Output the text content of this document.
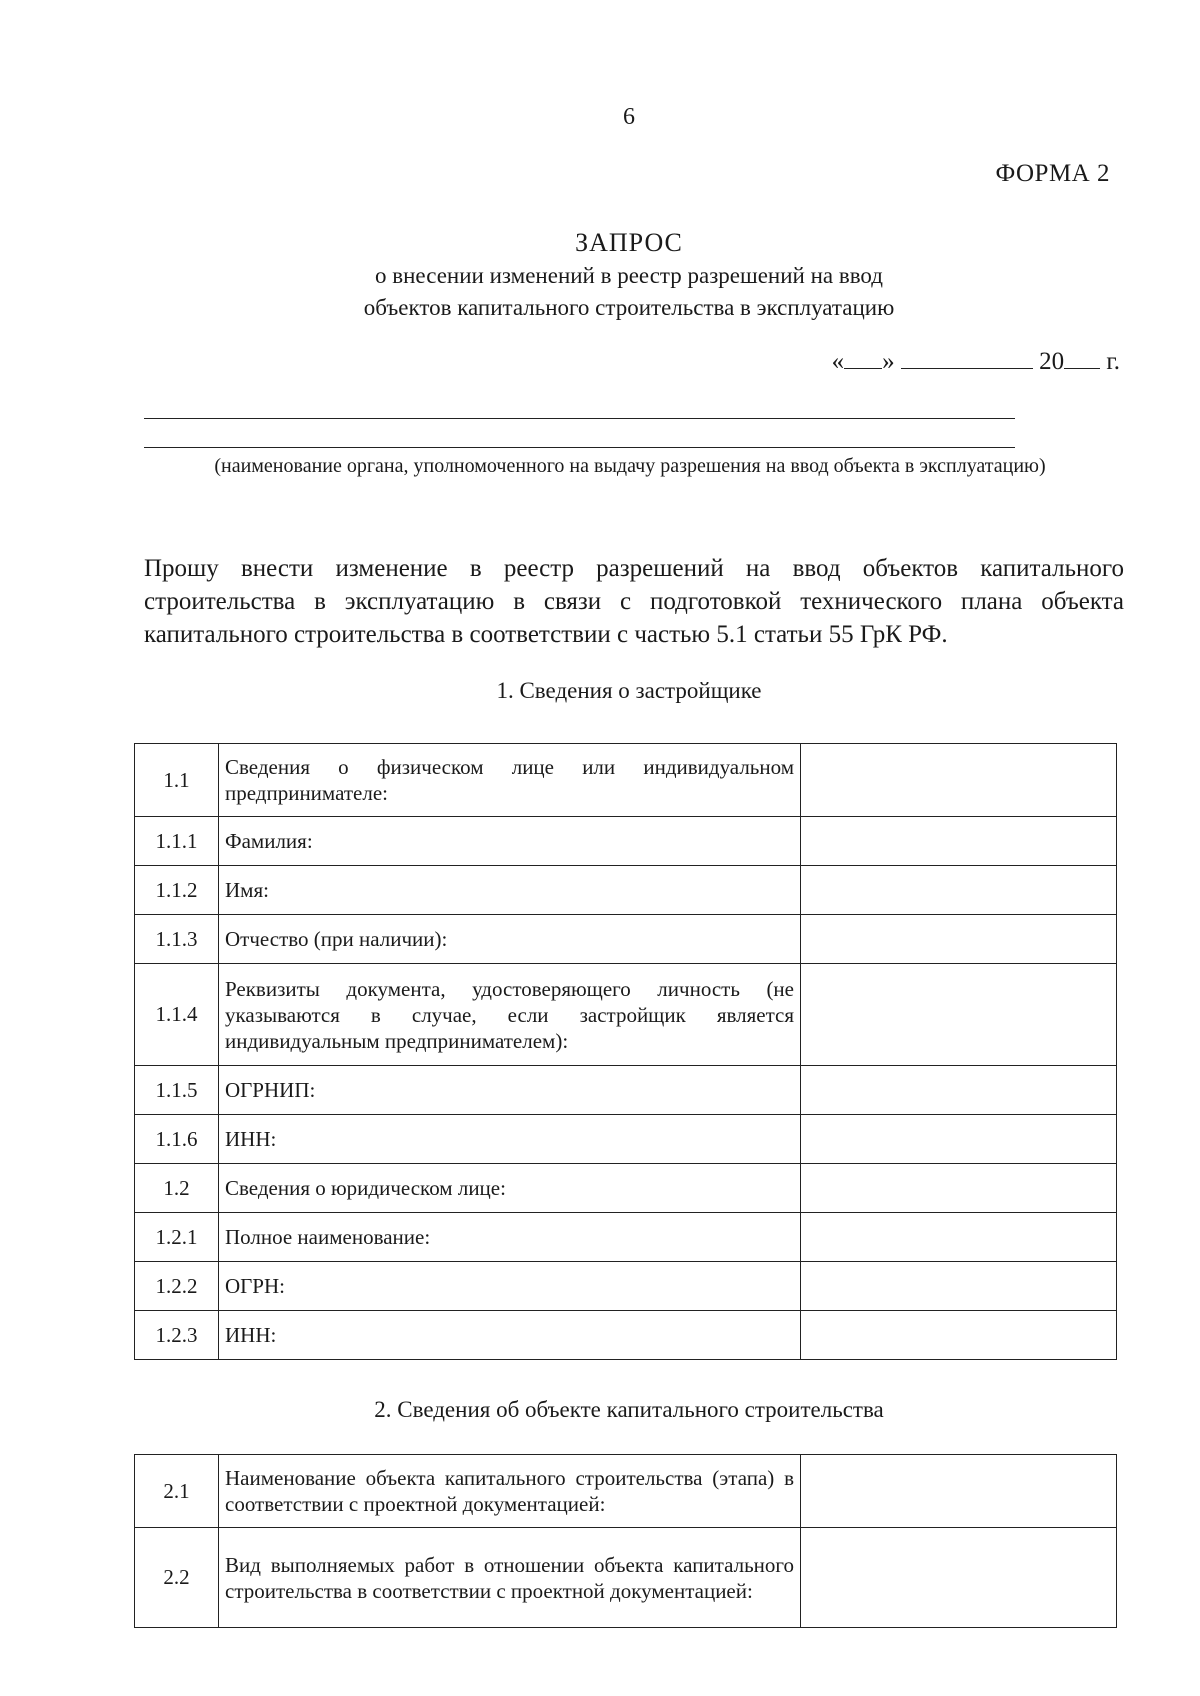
6
ФОРМА 2
ЗАПРОС
о внесении изменений в реестр разрешений на ввод
объектов капитального строительства в эксплуатацию
« »	20 г.
(наименование органа, уполномоченного на выдачу разрешения на ввод объекта в эксплуатацию)
Прошу внести изменение в реестр разрешений на ввод объектов капитального строительства в эксплуатацию в связи с подготовкой технического плана объекта капитального строительства в соответствии с частью 5.1 статьи 55 ГрК РФ.
1. Сведения о застройщике
1.1	Сведения о физическом лице или индивидуальном предпринимателе:	
1.1.1	Фамилия:	
1.1.2	Имя:	
1.1.3	Отчество (при наличии):	
1.1.4	Реквизиты документа, удостоверяющего личность (не указываются в случае, если застройщик является индивидуальным предпринимателем):	
1.1.5	ОГРНИП:	
1.1.6	ИНН:	
1.2	Сведения о юридическом лице:	
1.2.1	Полное наименование:	
1.2.2	ОГРН:	
1.2.3	ИНН:	
2. Сведения об объекте капитального строительства
2.1	Наименование объекта капитального строительства (этапа) в соответствии с проектной документацией:	
2.2	Вид выполняемых работ в отношении объекта капитального строительства в соответствии с проектной документацией:	
